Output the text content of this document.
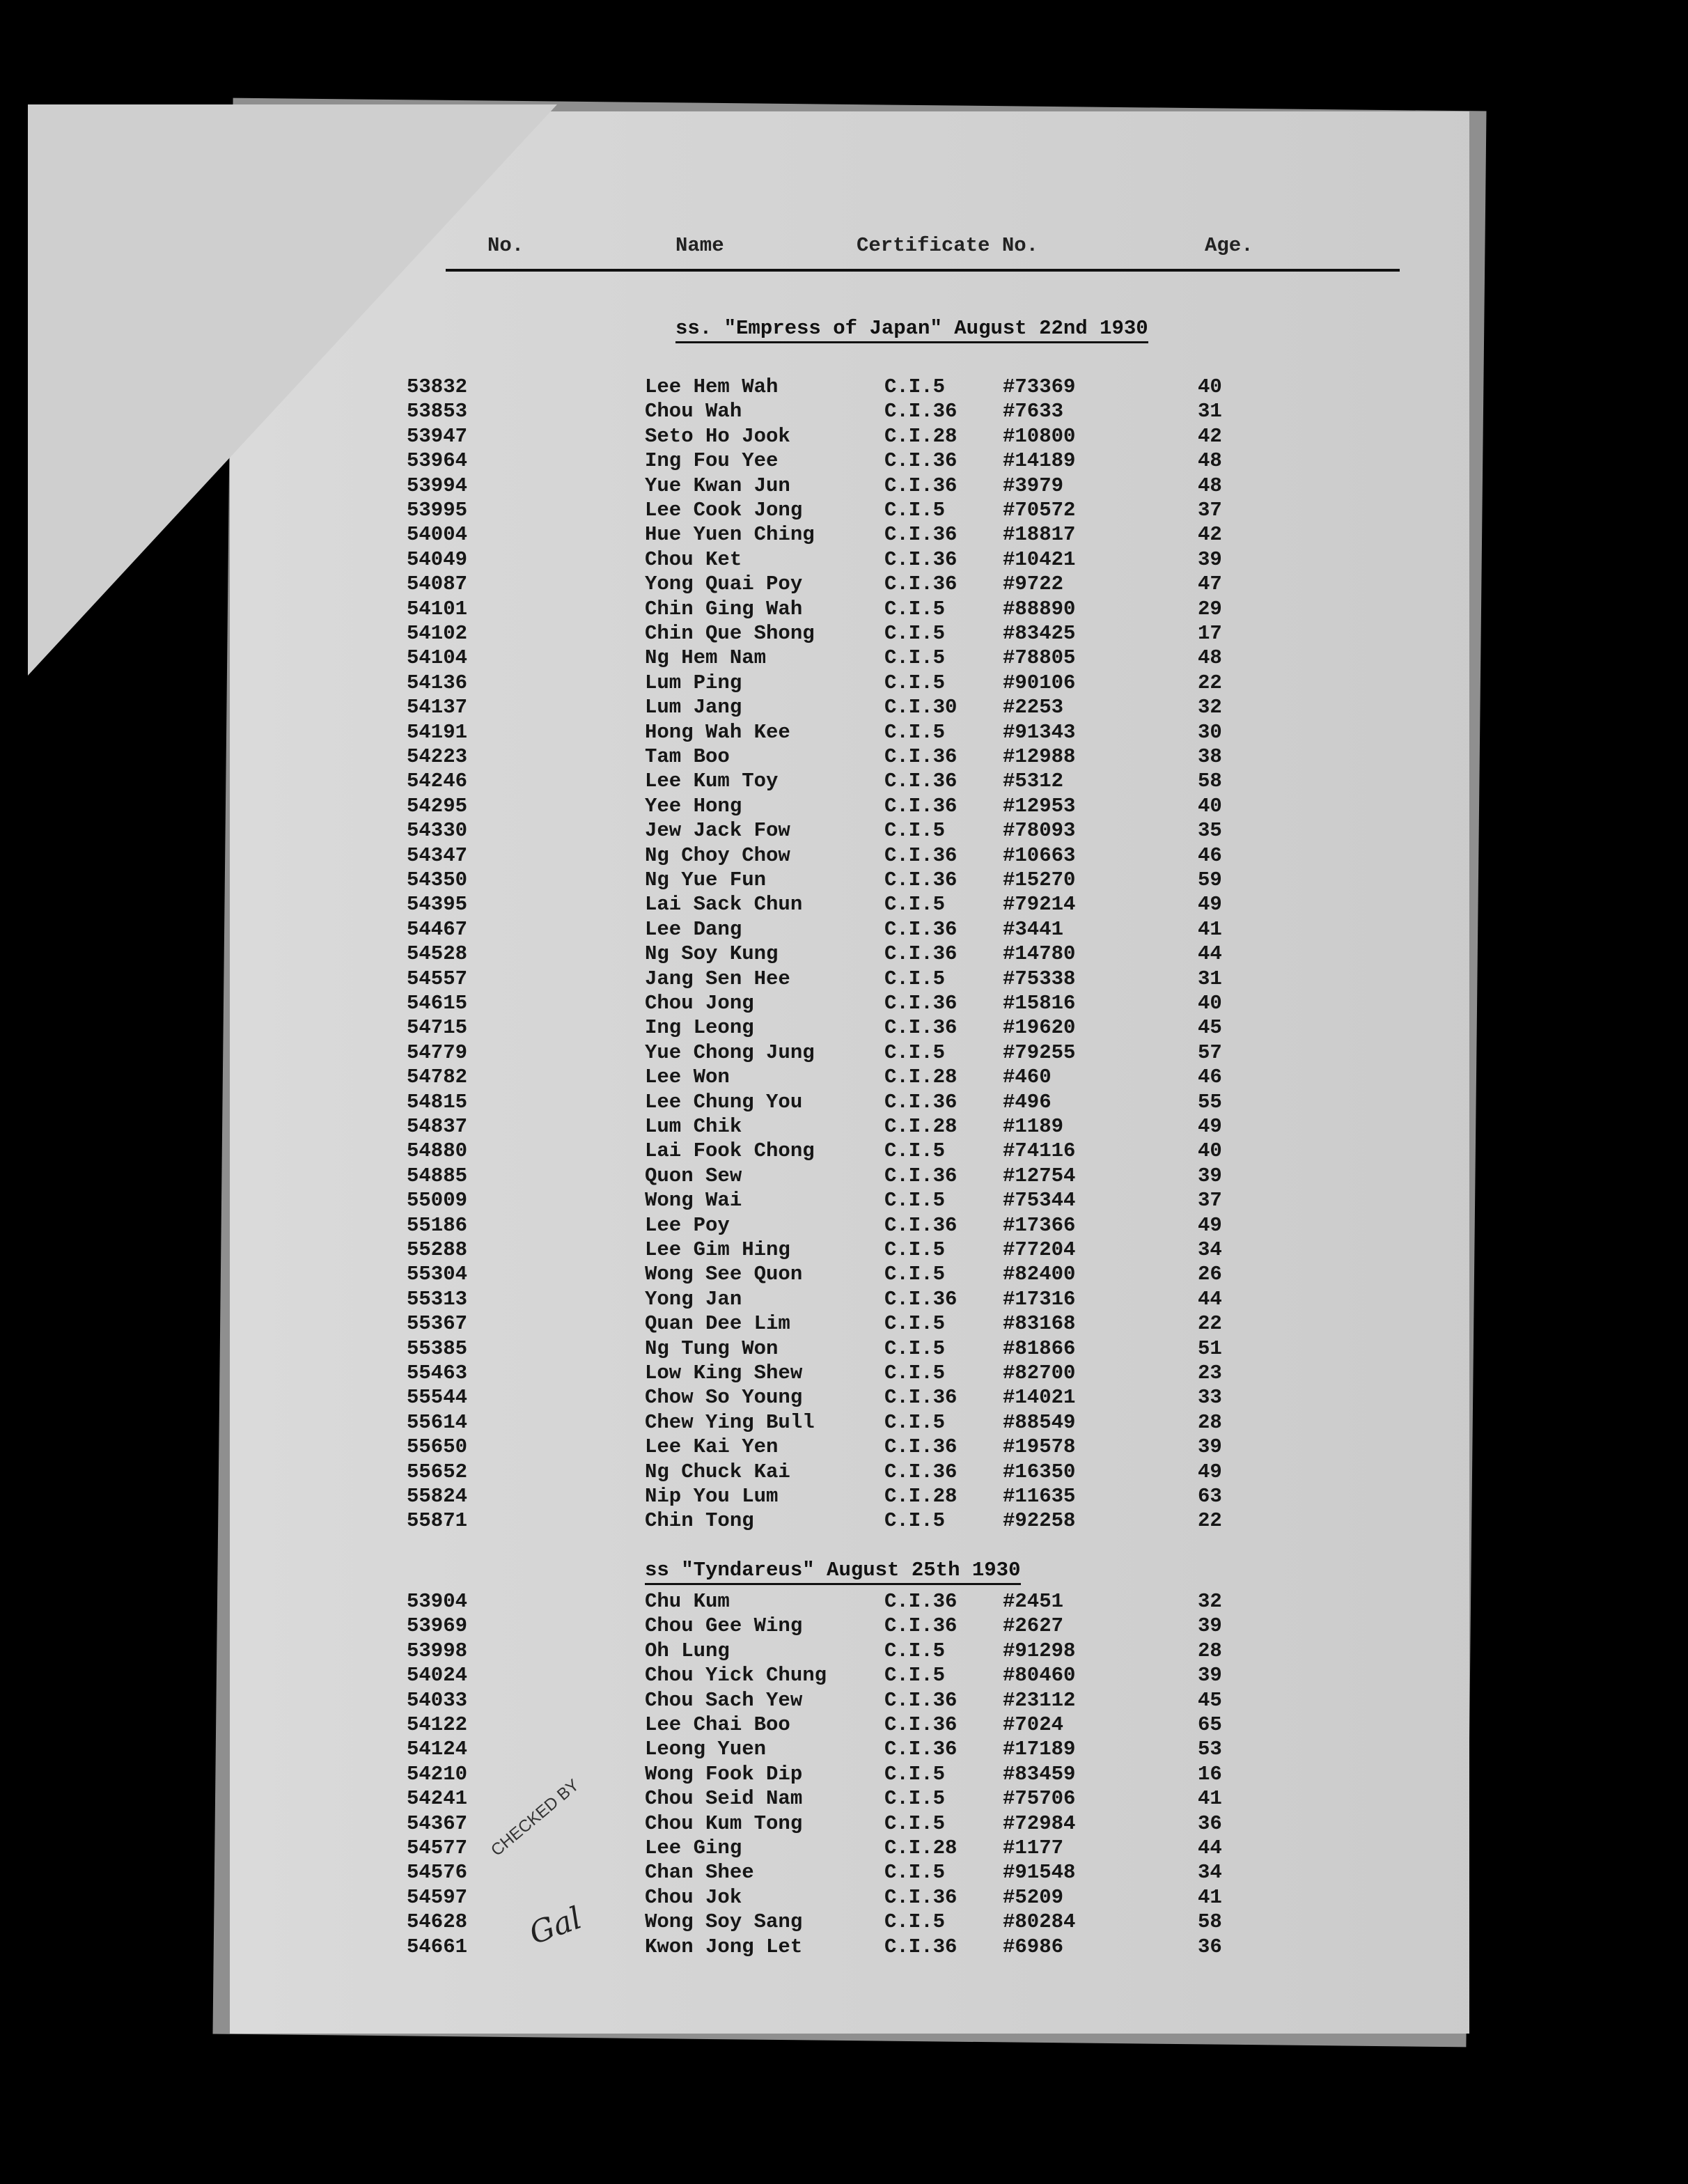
No.	Name	Certificate No.	Age.
ss. "Empress of Japan" August 22nd 1930
53832	Lee Hem Wah	C.I.5	#73369	40
53853	Chou Wah	C.I.36 #7633	31
53947	Seto Ho Jook	C.I.28 #10800	42
53964	Ing Fou Yee	C.I.36 #14189	48
53994	Yue Kwan Jun	C.I.36 #3979	48
53995	Lee Cook Jong	C.I.5	#70572	37
54004	Hue Yuen Ching	C.I.36 #18817	42
54049	Chou Ket	C.I.36 #10421	39
54087	Yong Quai Poy	C.I.36 #9722	47
54101	Chin Ging Wah	C.I.5	#88890	29
54102	Chin Que Shong	C.I.5	#83425	17
54104	Ng Hem Nam	C.I.5	#78805	48
54136	Lum Ping	C.I.5	#90106	22
54137	Lum Jang	C.I.30 #2253	32
54191	Hong Wah Kee	C.I.5	#91343	30
54223	Tam Boo	C.I.36 #12988	38
54246	Lee Kum Toy	C.I.36 #5312	58
54295	Yee Hong	C.I.36 #12953	40
54330	Jew Jack Fow	C.I.5	#78093	35
54347	Ng Choy Chow	C.I.36 #10663	46
54350	Ng Yue Fun	C.I.36 #15270	59
54395	Lai Sack Chun	C.I.5	#79214	49
54467	Lee Dang	C.I.36 #3441	41
54528	Ng Soy Kung	C.I.36 #14780	44
54557	Jang Sen Hee	C.I.5	#75338	31
54615	Chou Jong	C.I.36 #15816	40
54715	Ing Leong	C.I.36 #19620	45
54779	Yue Chong Jung	C.I.5	#79255	57
54782	Lee Won	C.I.28 #460	46
54815	Lee Chung You	C.I.36 #496	55
54837	Lum Chik	C.I.28 #1189	49
54880	Lai Fook Chong	C.I.5	#74116	40
54885	Quon Sew	C.I.36 #12754	39
55009	Wong Wai	C.I.5	#75344	37
55186	Lee Poy	C.I.36 #17366	49
55288	Lee Gim Hing	C.I.5	#77204	34
55304	Wong See Quon	C.I.5	#82400	26
55313	Yong Jan	C.I.36 #17316	44
55367	Quan Dee Lim	C.I.5	#83168	22
55385	Ng Tung Won	C.I.5	#81866	51
55463	Low King Shew	C.I.5	#82700	23
55544	Chow So Young	C.I.36 #14021	33
55614	Chew Ying Bull	C.I.5	#88549	28
55650	Lee Kai Yen	C.I.36 #19578	39
55652	Ng Chuck Kai	C.I.36 #16350	49
55824	Nip You Lum	C.I.28 #11635	63
55871	Chin Tong	C.I.5	#92258	22
ss "Tyndareus" August 25th 1930
53904	Chu Kum	C.I.36 #2451	32
53969	Chou Gee Wing	C.I.36 #2627	39
53998	Oh Lung	C.I.5	#91298	28
54024	Chou Yick Chung	C.I.5	#80460	39
54033	Chou Sach Yew	C.I.36 #23112	45
54122	Lee Chai Boo	C.I.36 #7024	65
54124	Leong Yuen	C.I.36 #17189	53
54210	Wong Fook Dip	C.I.5	#83459	16
54241	Chou Seid Nam	C.I.5	#75706	41
54367	Chou Kum Tong	C.I.5	#72984	36
54577	Lee Ging	C.I.28 #1177	44
54576	Chan Shee	C.I.5	#91548	34
54597	Chou Jok	C.I.36 #5209	41
54628	Wong Soy Sang	C.I.5	#80284	58
54661	Kwon Jong Let	C.I.36 #6986	36
CHECKED BY
Gal
